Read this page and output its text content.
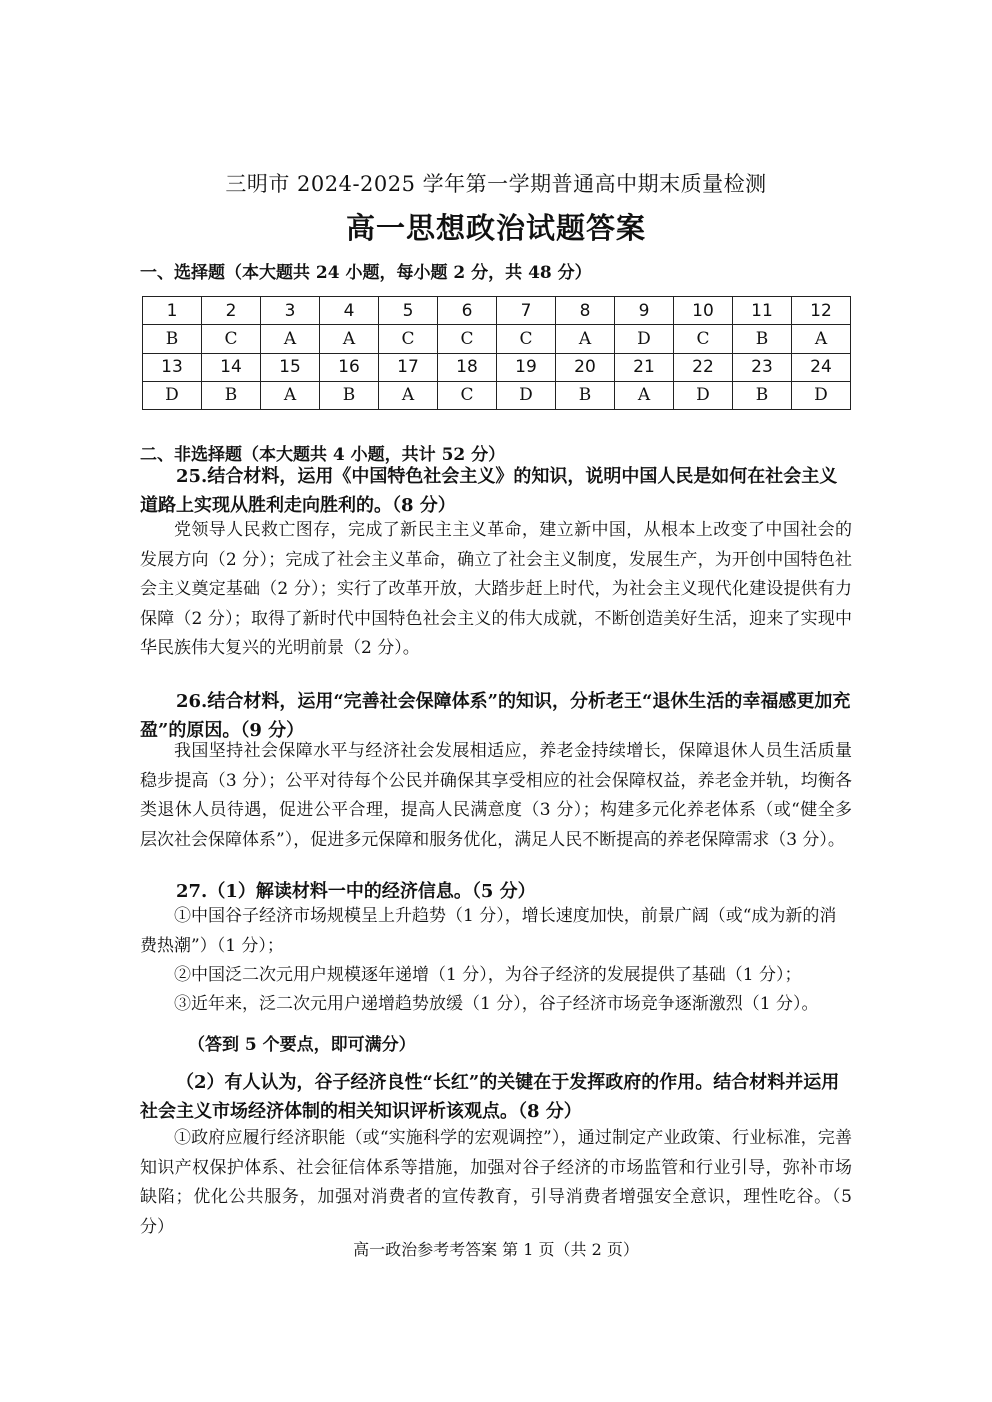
三明市 2024-2025 学年第一学期普通高中期末质量检测
高一思想政治试题答案
一、选择题（本大题共 24 小题，每小题 2 分，共 48 分）
1	2	3	4	5	6	7	8	9	10	11	12
B	C	A	A	C	C	C	A	D	C	B	A
13	14	15	16	17	18	19	20	21	22	23	24
D	B	A	B	A	C	D	B	A	D	B	D
二、非选择题（本大题共 4 小题，共计 52 分）
25.结合材料，运用《中国特色社会主义》的知识，说明中国人民是如何在社会主义道路上实现从胜利走向胜利的。（8 分）
党领导人民救亡图存，完成了新民主主义革命，建立新中国，从根本上改变了中国社会的发展方向（2 分）；完成了社会主义革命，确立了社会主义制度，发展生产，为开创中国特色社会主义奠定基础（2 分）；实行了改革开放，大踏步赶上时代，为社会主义现代化建设提供有力保障（2 分）；取得了新时代中国特色社会主义的伟大成就，不断创造美好生活，迎来了实现中华民族伟大复兴的光明前景（2 分）。
26.结合材料，运用“完善社会保障体系”的知识，分析老王“退休生活的幸福感更加充盈”的原因。（9 分）
我国坚持社会保障水平与经济社会发展相适应，养老金持续增长，保障退休人员生活质量稳步提高（3 分）；公平对待每个公民并确保其享受相应的社会保障权益，养老金并轨，均衡各类退休人员待遇，促进公平合理，提高人民满意度（3 分）；构建多元化养老体系（或“健全多层次社会保障体系”），促进多元保障和服务优化，满足人民不断提高的养老保障需求（3 分）。
27.（1）解读材料一中的经济信息。（5 分）
①中国谷子经济市场规模呈上升趋势（1 分），增长速度加快，前景广阔（或“成为新的消费热潮”）（1 分）；
②中国泛二次元用户规模逐年递增（1 分），为谷子经济的发展提供了基础（1 分）；
③近年来，泛二次元用户递增趋势放缓（1 分），谷子经济市场竞争逐渐激烈（1 分）。
（答到 5 个要点，即可满分）
（2）有人认为，谷子经济良性“长红”的关键在于发挥政府的作用。结合材料并运用社会主义市场经济体制的相关知识评析该观点。（8 分）
①政府应履行经济职能（或“实施科学的宏观调控”），通过制定产业政策、行业标准，完善知识产权保护体系、社会征信体系等措施，加强对谷子经济的市场监管和行业引导，弥补市场缺陷；优化公共服务，加强对消费者的宣传教育，引导消费者增强安全意识，理性吃谷。（5 分）
高一政治参考考答案 第 1 页（共 2 页）
